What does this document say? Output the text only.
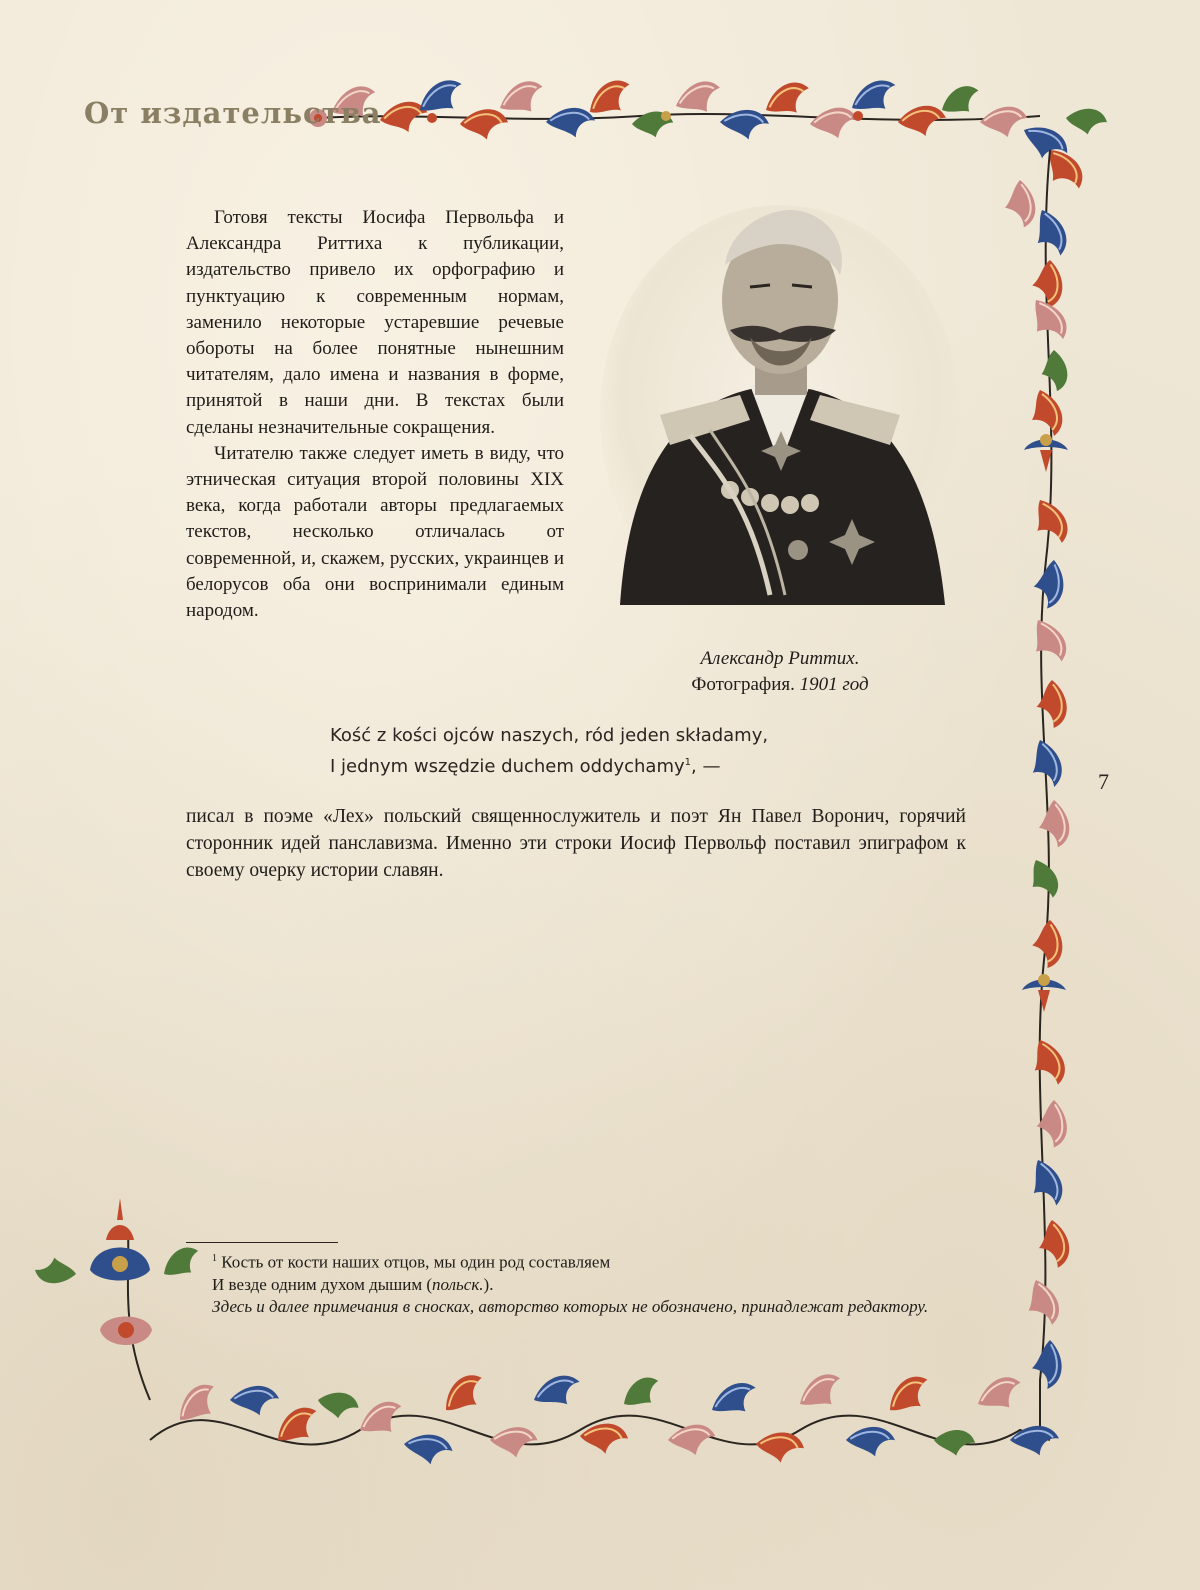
От издательства

Готовя тексты Иосифа Первольфа и Александра Риттиха к публикации, издательство привело их орфографию и пунктуацию к современным нормам, заменило некоторые устаревшие речевые обороты на более понятные нынешним читателям, дало имена и названия в форме, принятой в наши дни. В текстах были сделаны незначительные сокращения.

Читателю также следует иметь в виду, что этническая ситуация второй половины XIX века, когда работали авторы предлагаемых текстов, несколько отличалась от современной, и, скажем, русских, украинцев и белорусов оба они воспринимали единым народом.

Александр Риттих.
Фотография. 1901 год
Kość z kości ojców naszych, ród jeden składamy,
I jednym wszędzie duchem oddychamy$^1$, —
7
писал в поэме «Лех» польский священнослужитель и поэт Ян Павел Воронич, горячий сторонник идей панславизма. Именно эти строки Иосиф Первольф поставил эпиграфом к своему очерку истории славян.
$^1$ Кость от кости наших отцов, мы один род составляем
И везде одним духом дышим (польск.).
Здесь и далее примечания в сносках, авторство которых не обозначено, принадлежат редактору.
